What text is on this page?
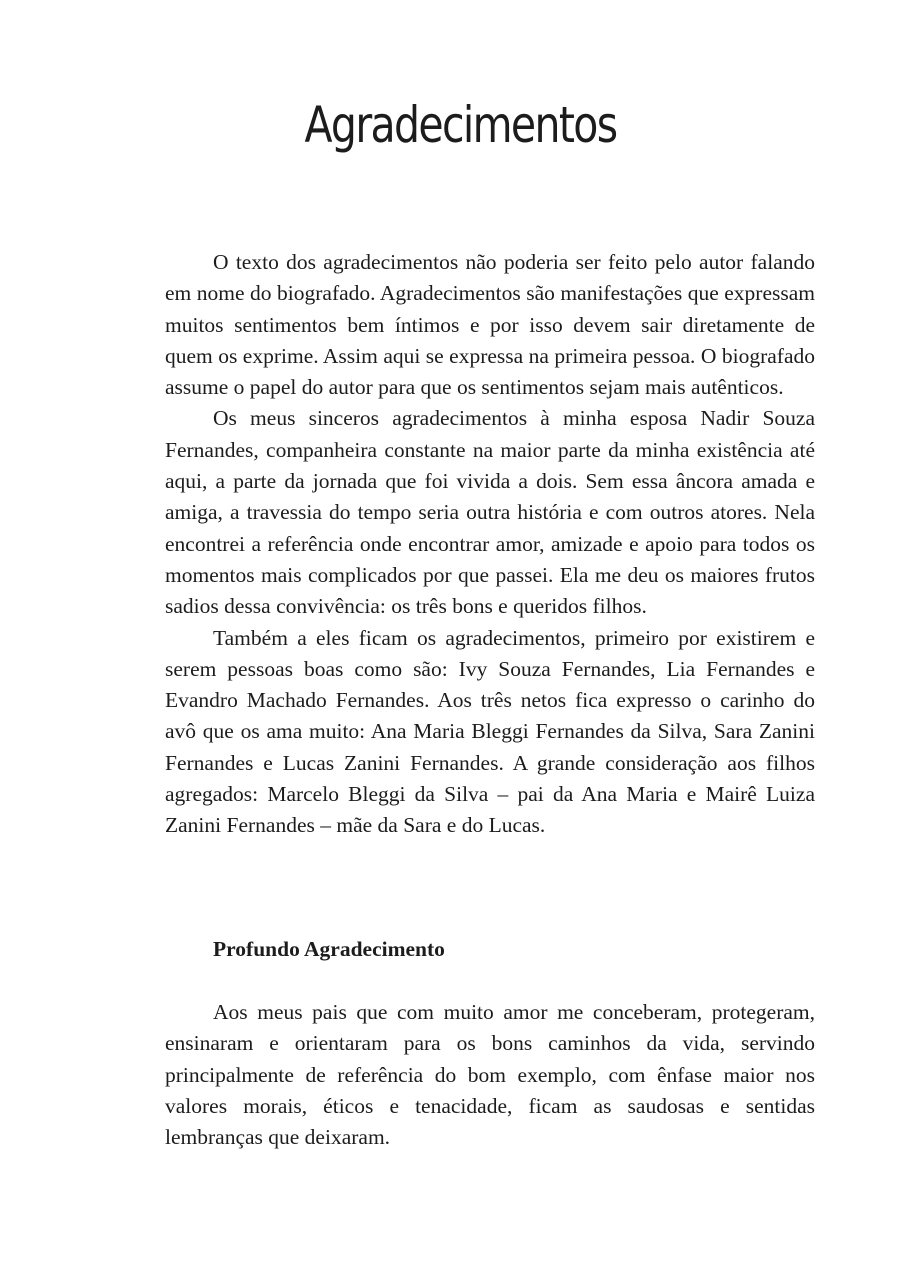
Agradecimentos

O texto dos agradecimentos não poderia ser feito pelo autor falando em nome do biografado. Agradecimentos são manifestações que expressam muitos sentimentos bem íntimos e por isso devem sair diretamente de quem os exprime. Assim aqui se expressa na primeira pessoa. O biografado assume o papel do autor para que os sentimentos sejam mais autênticos.

Os meus sinceros agradecimentos à minha esposa Nadir Souza Fernandes, companheira constante na maior parte da minha existência até aqui, a parte da jornada que foi vivida a dois. Sem essa âncora amada e amiga, a travessia do tempo seria outra história e com outros atores. Nela encontrei a referência onde encontrar amor, amizade e apoio para todos os momentos mais complicados por que passei. Ela me deu os maiores frutos sadios dessa convivência: os três bons e queridos filhos.

Também a eles ficam os agradecimentos, primeiro por existirem e serem pessoas boas como são: Ivy Souza Fernandes, Lia Fernandes e Evandro Machado Fernandes. Aos três netos fica expresso o carinho do avô que os ama muito: Ana Maria Bleggi Fernandes da Silva, Sara Zanini Fernandes e Lucas Zanini Fernandes. A grande consideração aos filhos agregados: Marcelo Bleggi da Silva – pai da Ana Maria e Mairê Luiza Zanini Fernandes – mãe da Sara e do Lucas.

Profundo Agradecimento

Aos meus pais que com muito amor me conceberam, protegeram, ensinaram e orientaram para os bons caminhos da vida, servindo principalmente de referência do bom exemplo, com ênfase maior nos valores morais, éticos e tenacidade, ficam as saudosas e sentidas lembranças que deixaram.
